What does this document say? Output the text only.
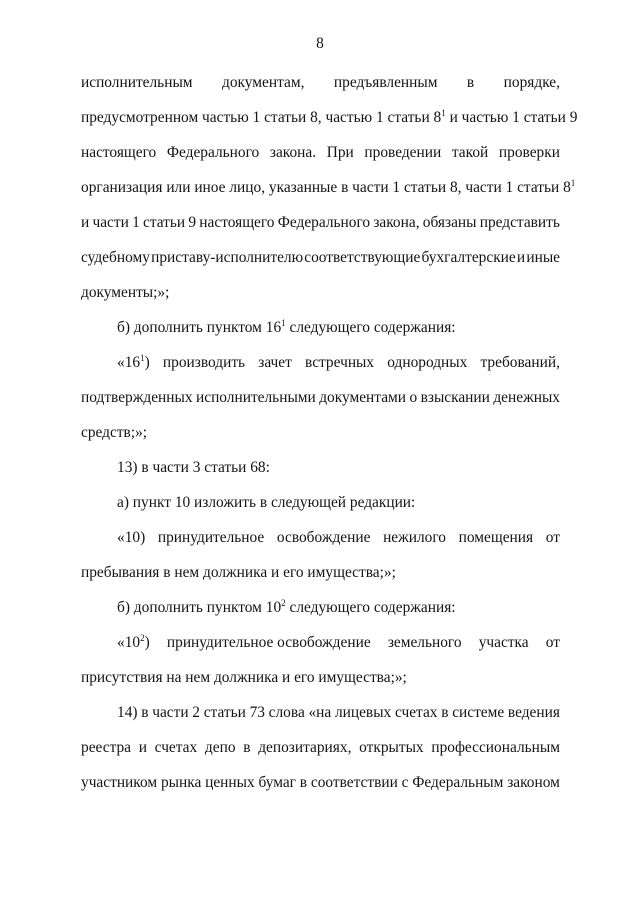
8
исполнительным документам, предъявленным в порядке,
предусмотренном частью 1 статьи 8, частью 1 статьи $8^1$ и частью 1 статьи 9
настоящего Федерального закона. При проведении такой проверки
организация или иное лицо, указанные в части 1 статьи 8, части 1 статьи $8^1$
и части 1 статьи 9 настоящего Федерального закона, обязаны представить
судебному приставу-исполнителю соответствующие бухгалтерские и иные
документы;»;
б) дополнить пунктом $16^1$ следующего содержания:
«$16^1$) производить зачет встречных однородных требований,
подтвержденных исполнительными документами о взыскании денежных
средств;»;
13) в части 3 статьи 68:
а) пункт 10 изложить в следующей редакции:
«10) принудительное освобождение нежилого помещения от
пребывания в нем должника и его имущества;»;
б) дополнить пунктом $10^2$ следующего содержания:
«$10^2$) принудительное освобождение земельного участка от
присутствия на нем должника и его имущества;»;
14) в части 2 статьи 73 слова «на лицевых счетах в системе ведения
реестра и счетах депо в депозитариях, открытых профессиональным
участником рынка ценных бумаг в соответствии с Федеральным законом
